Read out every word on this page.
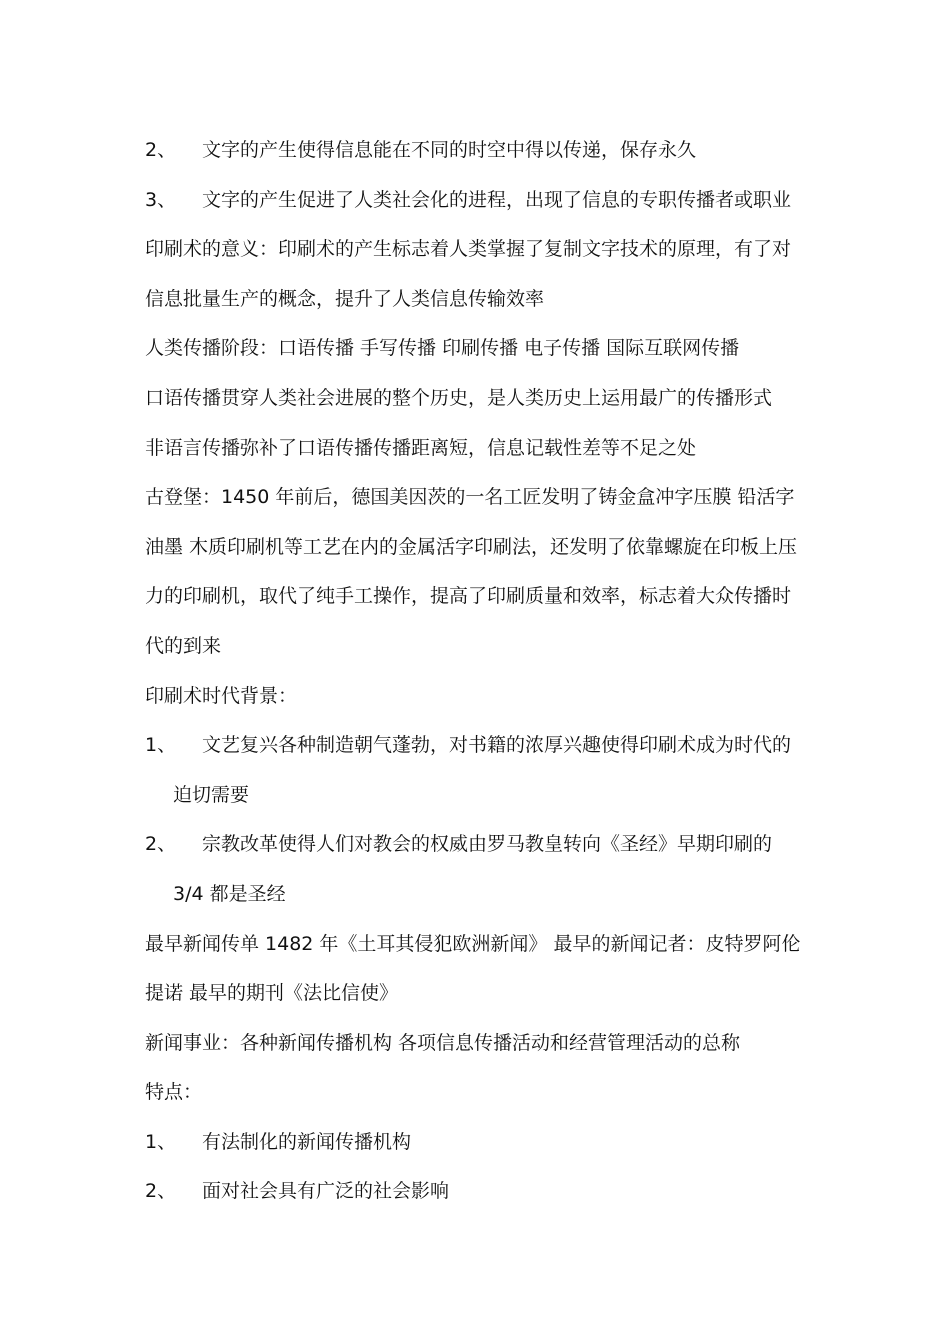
2、 文字的产生使得信息能在不同的时空中得以传递，保存永久
3、 文字的产生促进了人类社会化的进程，出现了信息的专职传播者或职业
印刷术的意义：印刷术的产生标志着人类掌握了复制文字技术的原理，有了对
信息批量生产的概念，提升了人类信息传输效率
人类传播阶段：口语传播 手写传播 印刷传播 电子传播 国际互联网传播
口语传播贯穿人类社会进展的整个历史，是人类历史上运用最广的传播形式
非语言传播弥补了口语传播传播距离短，信息记载性差等不足之处
古登堡：1450 年前后，德国美因茨的一名工匠发明了铸金盒冲字压膜 铅活字
油墨 木质印刷机等工艺在内的金属活字印刷法，还发明了依靠螺旋在印板上压
力的印刷机，取代了纯手工操作，提高了印刷质量和效率，标志着大众传播时
代的到来
印刷术时代背景：
1、 文艺复兴各种制造朝气蓬勃，对书籍的浓厚兴趣使得印刷术成为时代的
迫切需要
2、 宗教改革使得人们对教会的权威由罗马教皇转向《圣经》早期印刷的
3/4 都是圣经
最早新闻传单 1482 年《土耳其侵犯欧洲新闻》 最早的新闻记者：皮特罗阿伦
提诺 最早的期刊《法比信使》
新闻事业：各种新闻传播机构 各项信息传播活动和经营管理活动的总称
特点：
1、 有法制化的新闻传播机构
2、 面对社会具有广泛的社会影响
